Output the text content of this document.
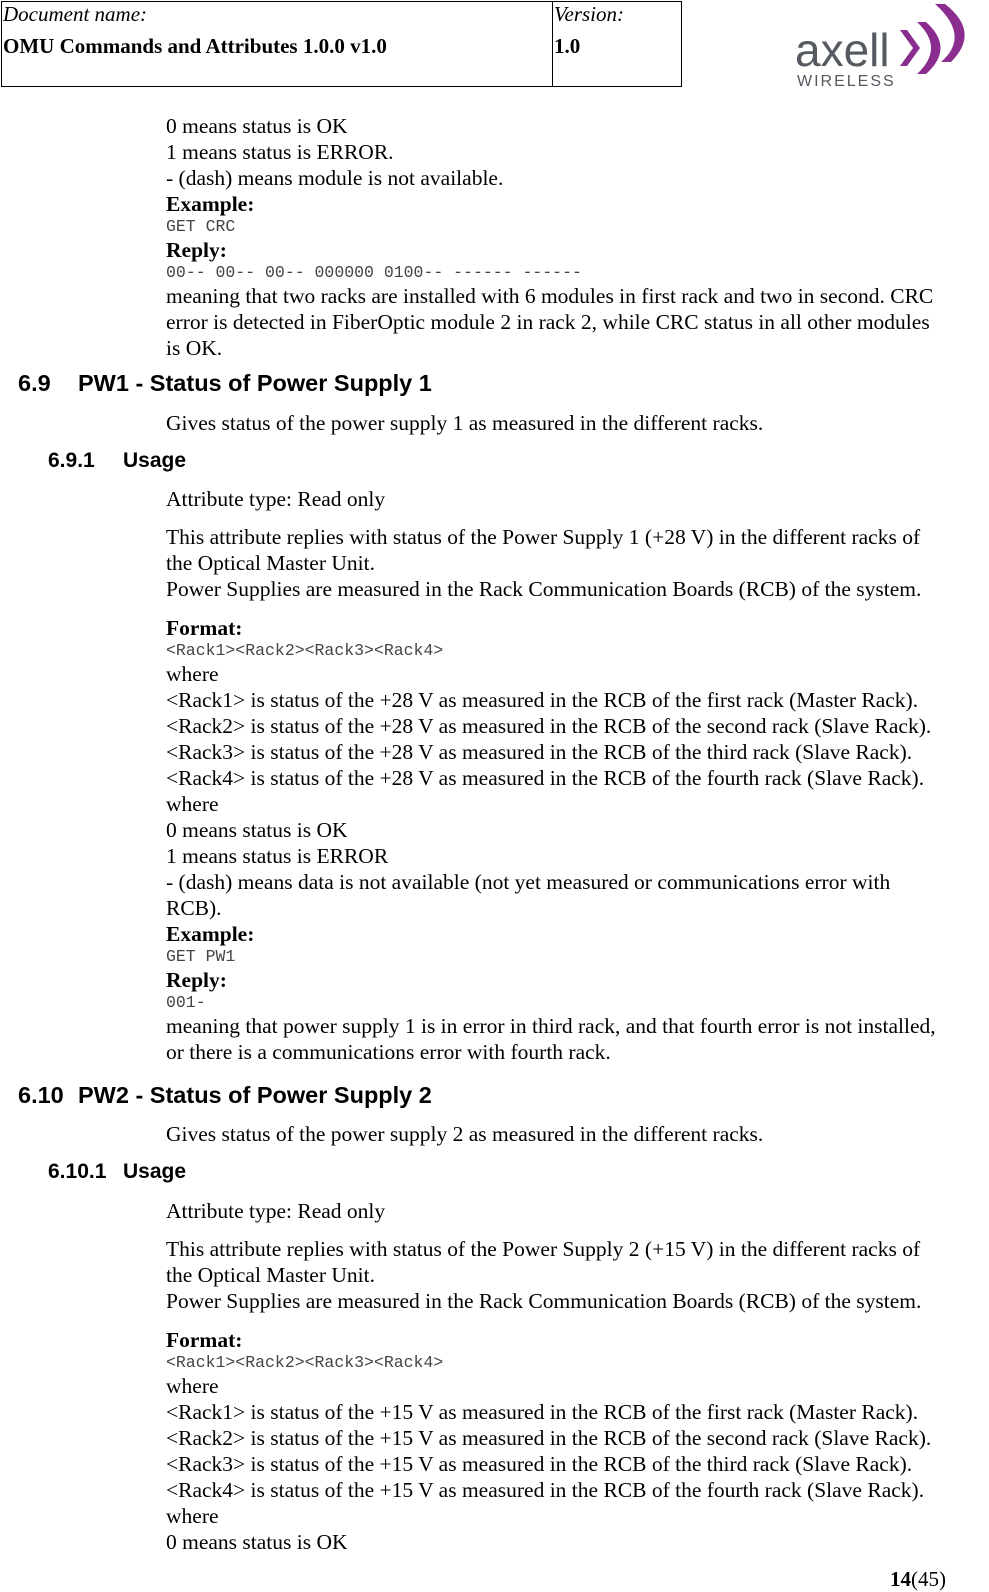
Document name:
OMU Commands and Attributes 1.0.0 v1.0
Version:
1.0	axell
WIRELESS
0 means status is OK
1 means status is ERROR.
- (dash) means module is not available.
Example:
GET CRC
Reply:
00-- 00-- 00-- 000000 0100-- ------ ------
meaning that two racks are installed with 6 modules in first rack and two in second. CRC
error is detected in FiberOptic module 2 in rack 2, while CRC status in all other modules
is OK.
6.9 PW1 - Status of Power Supply 1
Gives status of the power supply 1 as measured in the different racks.
6.9.1 Usage
Attribute type: Read only
This attribute replies with status of the Power Supply 1 (+28 V) in the different racks of
the Optical Master Unit.
Power Supplies are measured in the Rack Communication Boards (RCB) of the system.
Format:
<Rack1><Rack2><Rack3><Rack4>
where
<Rack1> is status of the +28 V as measured in the RCB of the first rack (Master Rack).
<Rack2> is status of the +28 V as measured in the RCB of the second rack (Slave Rack).
<Rack3> is status of the +28 V as measured in the RCB of the third rack (Slave Rack).
<Rack4> is status of the +28 V as measured in the RCB of the fourth rack (Slave Rack).
where
0 means status is OK
1 means status is ERROR
- (dash) means data is not available (not yet measured or communications error with
RCB).
Example:
GET PW1
Reply:
001-
meaning that power supply 1 is in error in third rack, and that fourth error is not installed,
or there is a communications error with fourth rack.
6.10 PW2 - Status of Power Supply 2
Gives status of the power supply 2 as measured in the different racks.
6.10.1 Usage
Attribute type: Read only
This attribute replies with status of the Power Supply 2 (+15 V) in the different racks of
the Optical Master Unit.
Power Supplies are measured in the Rack Communication Boards (RCB) of the system.
Format:
<Rack1><Rack2><Rack3><Rack4>
where
<Rack1> is status of the +15 V as measured in the RCB of the first rack (Master Rack).
<Rack2> is status of the +15 V as measured in the RCB of the second rack (Slave Rack).
<Rack3> is status of the +15 V as measured in the RCB of the third rack (Slave Rack).
<Rack4> is status of the +15 V as measured in the RCB of the fourth rack (Slave Rack).
where
0 means status is OK
14(45)
